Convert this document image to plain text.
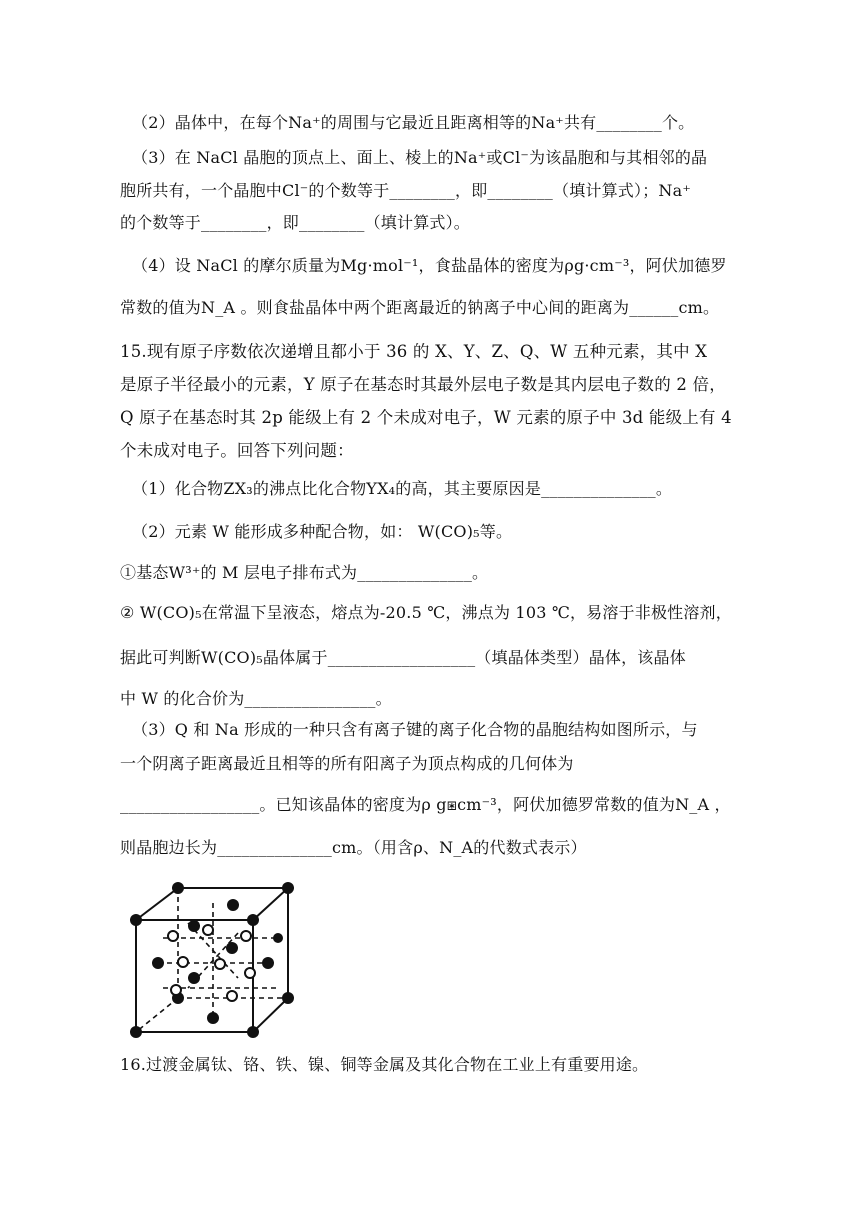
（2）晶体中，在每个Na⁺的周围与它最近且距离相等的Na⁺共有________个。
（3）在 NaCl 晶胞的顶点上、面上、棱上的Na⁺或Cl⁻为该晶胞和与其相邻的晶
胞所共有，一个晶胞中Cl⁻的个数等于________，即________（填计算式）；Na⁺
的个数等于________，即________（填计算式）。
（4）设 NaCl 的摩尔质量为Mg·mol⁻¹，食盐晶体的密度为ρg·cm⁻³，阿伏加德罗
常数的值为N_A 。则食盐晶体中两个距离最近的钠离子中心间的距离为______cm。
15.现有原子序数依次递增且都小于 36 的 X、Y、Z、Q、W 五种元素，其中 X
是原子半径最小的元素，Y 原子在基态时其最外层电子数是其内层电子数的 2 倍，
Q 原子在基态时其 2p 能级上有 2 个未成对电子，W 元素的原子中 3d 能级上有 4
个未成对电子。回答下列问题：
（1）化合物ZX₃的沸点比化合物YX₄的高，其主要原因是______________。
（2）元素 W 能形成多种配合物，如： W(CO)₅等。
①基态W³⁺的 M 层电子排布式为______________。
② W(CO)₅在常温下呈液态，熔点为-20.5 ℃，沸点为 103 ℃，易溶于非极性溶剂，
据此可判断W(CO)₅晶体属于__________________（填晶体类型）晶体，该晶体
中 W 的化合价为________________。
（3）Q 和 Na 形成的一种只含有离子键的离子化合物的晶胞结构如图所示，与
一个阴离子距离最近且相等的所有阳离子为顶点构成的几何体为
_________________。已知该晶体的密度为ρ g⧆cm⁻³，阿伏加德罗常数的值为N_A ，
则晶胞边长为______________cm。（用含ρ、N_A的代数式表示）
16.过渡金属钛、铬、铁、镍、铜等金属及其化合物在工业上有重要用途。
